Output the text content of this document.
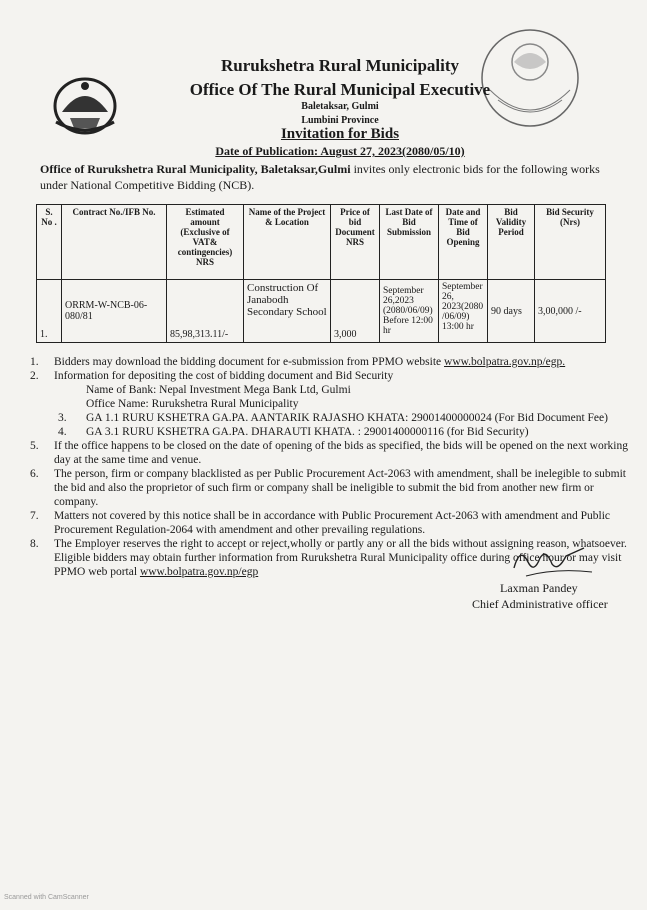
Rurukshetra Rural Municipality
Office Of The Rural Municipal Executive
Baletaksar, Gulmi
Lumbini Province
Invitation for Bids
Date of Publication: August 27, 2023(2080/05/10)
Office of Rurukshetra Rural Municipality, Baletaksar,Gulmi invites only electronic bids for the following works under National Competitive Bidding (NCB).
S. No .	Contract No./IFB No.	Estimated amount (Exclusive of VAT& contingencies) NRS	Name of the Project & Location	Price of bid Document NRS	Last Date of Bid Submission	Date and Time of Bid Opening	Bid Validity Period	Bid Security (Nrs)
1.	ORRM-W-NCB-06-080/81	85,98,313.11/-	Construction Of Janabodh Secondary School	3,000	September 26,2023 (2080/06/09) Before 12:00 hr	September 26, 2023(2080 /06/09) 13:00 hr	90 days	3,00,000 /-
1. Bidders may download the bidding document for e-submission from PPMO website www.bolpatra.gov.np/egp.
2. Information for depositing the cost of bidding document and Bid Security
Name of Bank: Nepal Investment Mega Bank Ltd, Gulmi
Office Name: Rurukshetra Rural Municipality
3. GA 1.1 RURU KSHETRA GA.PA. AANTARIK RAJASHO KHATA: 29001400000024 (For Bid Document Fee)
4. GA 3.1 RURU KSHETRA GA.PA. DHARAUTI KHATA. : 29001400000116 (for Bid Security)
5. If the office happens to be closed on the date of opening of the bids as specified, the bids will be opened on the next working day at the same time and venue.
6. The person, firm or company blacklisted as per Public Procurement Act-2063 with amendment, shall be inelegible to submit the bid and also the proprietor of such firm or company shall be ineligible to submit the bid from another new firm or company.
7. Matters not covered by this notice shall be in accordance with Public Procurement Act-2063 with amendment and Public Procurement Regulation-2064 with amendment and other prevailing regulations.
8. The Employer reserves the right to accept or reject,wholly or partly any or all the bids without assigning reason, whatsoever. Eligible bidders may obtain further information from Rurukshetra Rural Municipality office during office hour or may visit PPMO web portal www.bolpatra.gov.np/egp
Laxman Pandey
Chief Administrative officer
Scanned with CamScanner
